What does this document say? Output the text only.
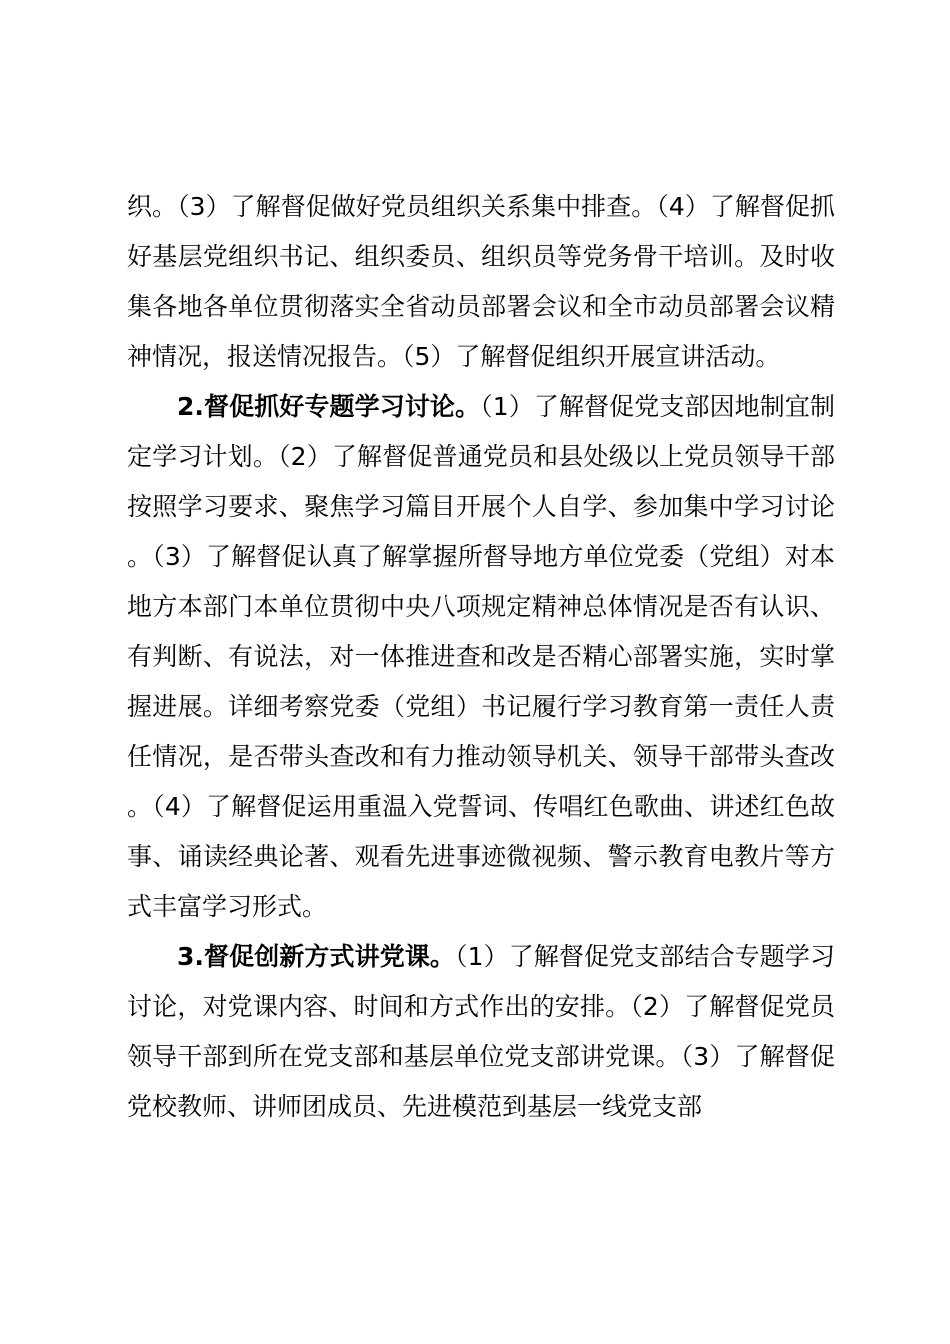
织。（3）了解督促做好党员组织关系集中排查。（4）了解督促抓好基层党组织书记、组织委员、组织员等党务骨干培训。及时收集各地各单位贯彻落实全省动员部署会议和全市动员部署会议精神情况，报送情况报告。（5）了解督促组织开展宣讲活动。

2.督促抓好专题学习讨论。（1）了解督促党支部因地制宜制定学习计划。（2）了解督促普通党员和县处级以上党员领导干部按照学习要求、聚焦学习篇目开展个人自学、参加集中学习讨论。（3）了解督促认真了解掌握所督导地方单位党委（党组）对本地方本部门本单位贯彻中央八项规定精神总体情况是否有认识、有判断、有说法，对一体推进查和改是否精心部署实施，实时掌握进展。详细考察党委（党组）书记履行学习教育第一责任人责任情况，是否带头查改和有力推动领导机关、领导干部带头查改。（4）了解督促运用重温入党誓词、传唱红色歌曲、讲述红色故事、诵读经典论著、观看先进事迹微视频、警示教育电教片等方式丰富学习形式。

3.督促创新方式讲党课。（1）了解督促党支部结合专题学习讨论，对党课内容、时间和方式作出的安排。（2）了解督促党员领导干部到所在党支部和基层单位党支部讲党课。（3）了解督促党校教师、讲师团成员、先进模范到基层一线党支部
